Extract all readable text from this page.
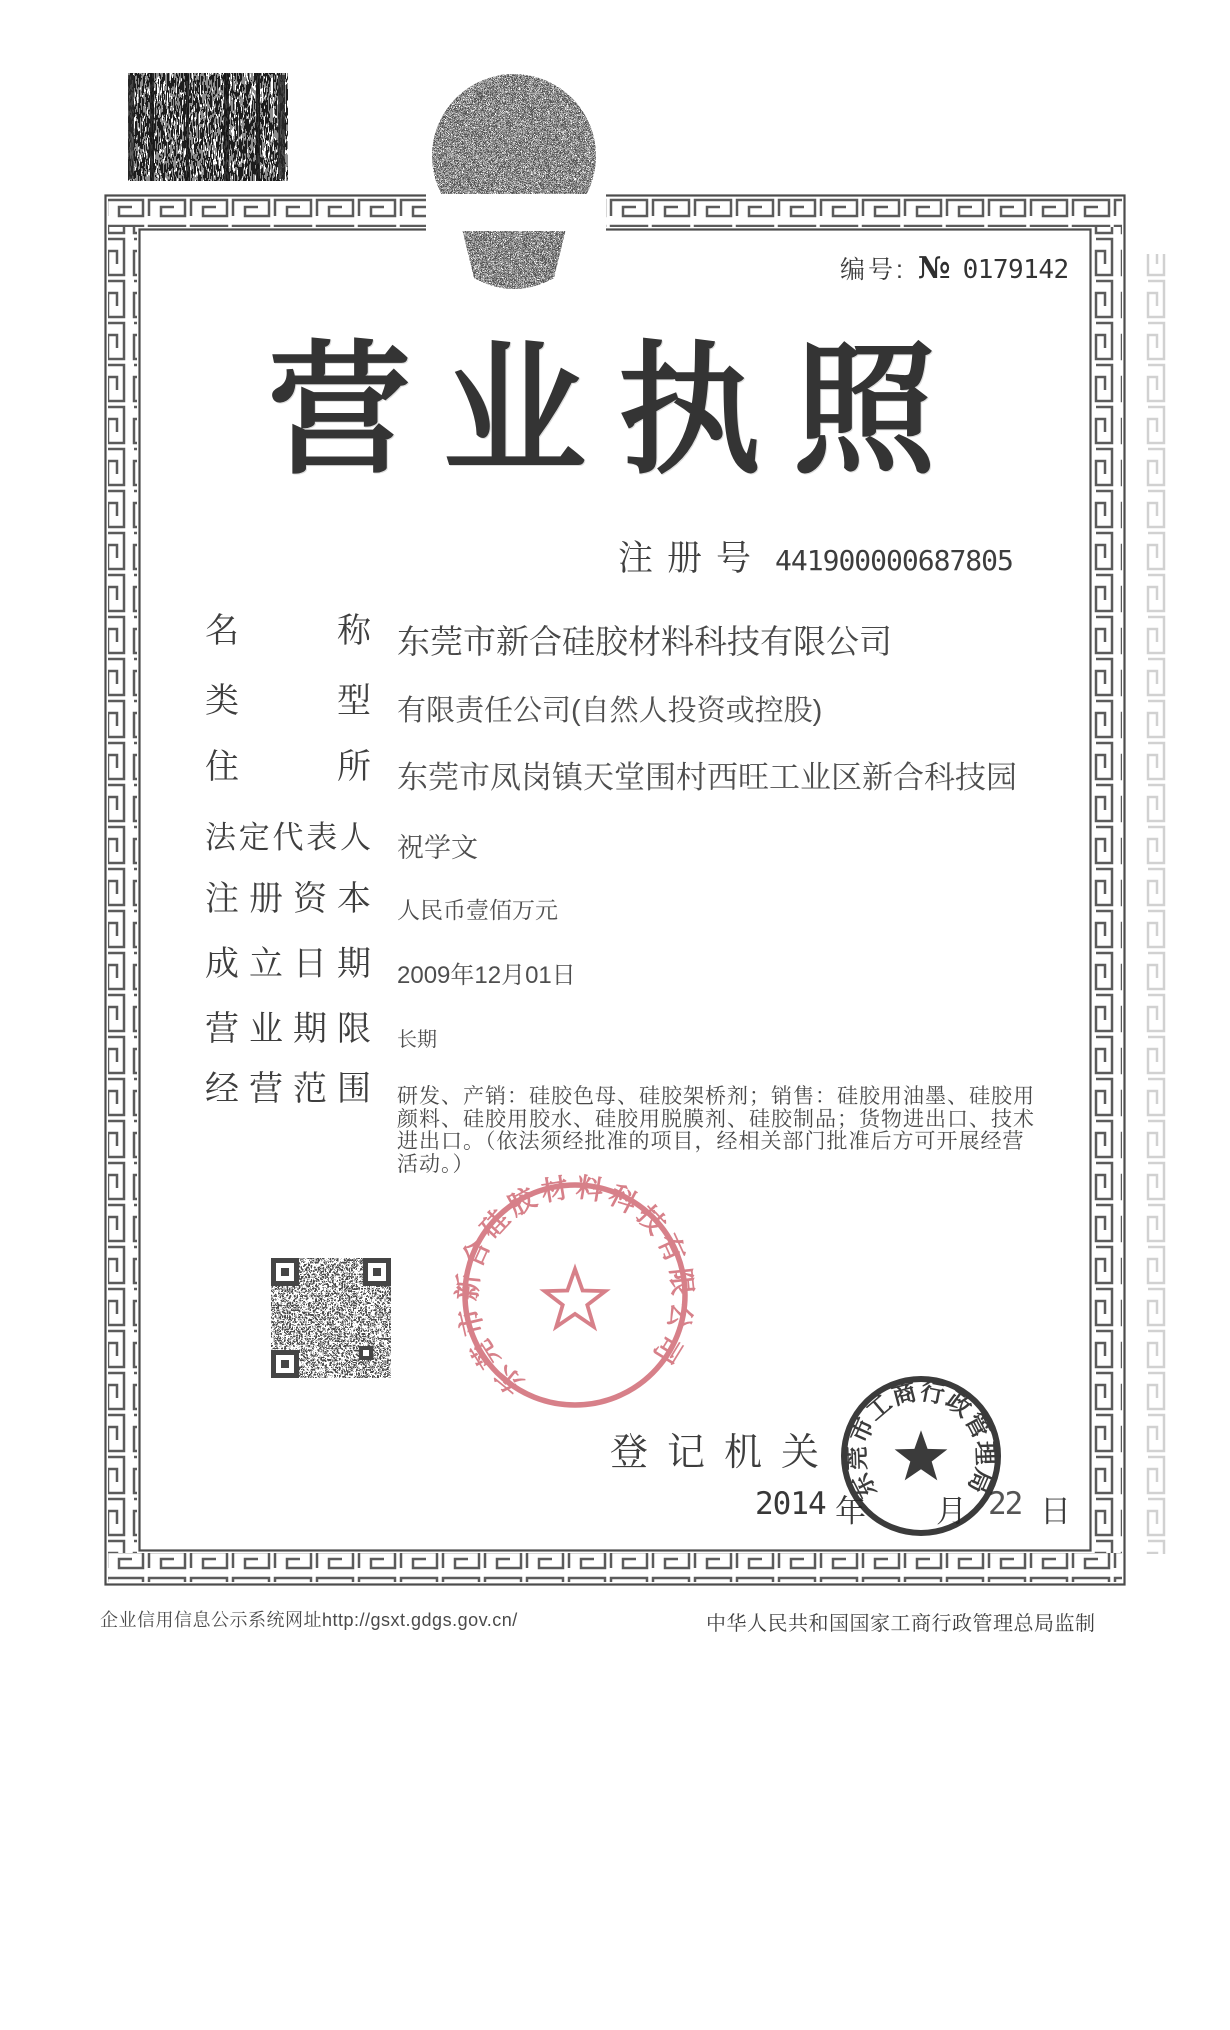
编号: № 0179142
营业执照
注册号 441900000687805
名称 东莞市新合硅胶材料科技有限公司
类型 有限责任公司(自然人投资或控股)
住所 东莞市凤岗镇天堂围村西旺工业区新合科技园
法定代表人 祝学文
注册资本 人民币壹佰万元
成立日期 2009年12月01日
营业期限 长期
经营范围 研发、产销：硅胶色母、硅胶架桥剂；销售：硅胶用油墨、硅胶用
颜料、硅胶用胶水、硅胶用脱膜剂、硅胶制品；货物进出口、技术
进出口。（依法须经批准的项目，经相关部门批准后方可开展经营
活动。）
东莞市新合硅胶材料科技有限公司
登记机关
2014 年 月 22 日
东莞市工商行政管理局
企业信用信息公示系统网址http://gsxt.gdgs.gov.cn/	中华人民共和国国家工商行政管理总局监制
